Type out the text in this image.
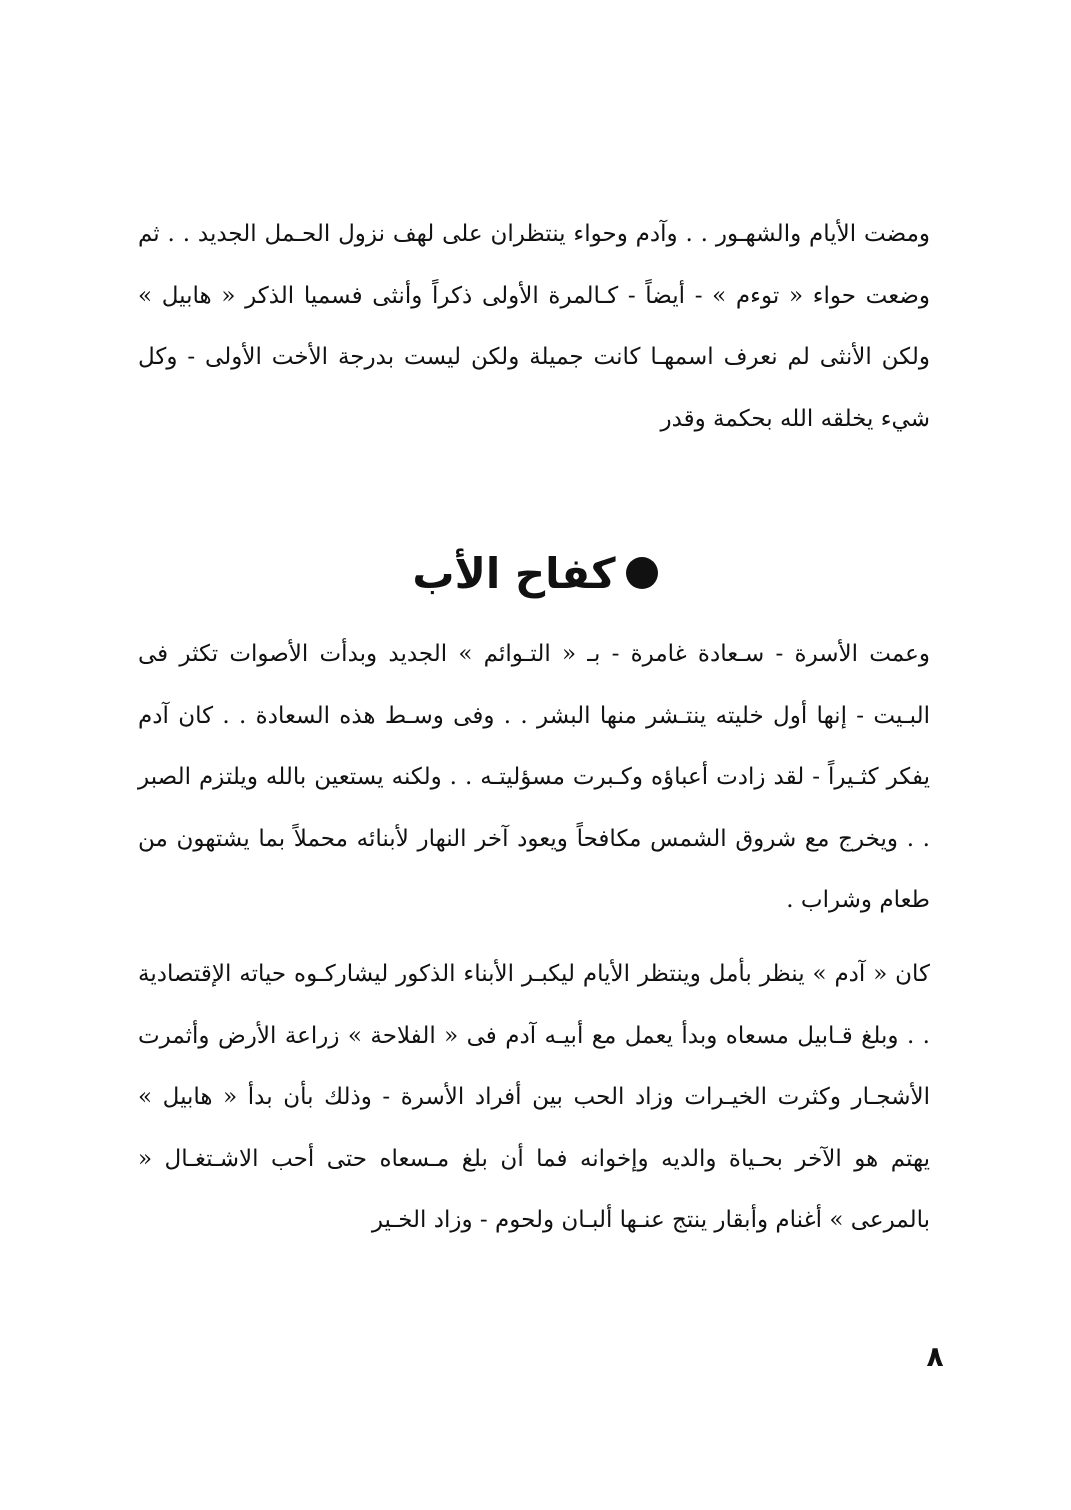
ومضت الأيام والشهـور . . وآدم وحواء ينتظران على لهف نزول الحـمل الجديد . . ثم وضعت حواء « توءم » - أيضاً - كـالمرة الأولى ذكراً وأنثى فسميا الذكر « هابيل » ولكن الأنثى لم نعرف اسمهـا كانت جميلة ولكن ليست بدرجة الأخت الأولى - وكل شيء يخلقه الله بحكمة وقدر

كفاح الأب

وعمت الأسرة - سـعادة غامرة - بـ « التـوائم » الجديد وبدأت الأصوات تكثر فى البـيت - إنها أول خليته ينتـشر منها البشر . . وفى وسـط هذه السعادة . . كان آدم يفكر كثـيراً - لقد زادت أعباؤه وكـبرت مسؤليتـه . . ولكنه يستعين بالله ويلتزم الصبر . . ويخرج مع شروق الشمس مكافحاً ويعود آخر النهار لأبنائه محملاً بما يشتهون من طعام وشراب .

كان « آدم » ينظر بأمل وينتظر الأيام ليكبـر الأبناء الذكور ليشاركـوه حياته الإقتصادية . . وبلغ قـابيل مسعاه وبدأ يعمل مع أبيـه آدم فى « الفلاحة » زراعة الأرض وأثمرت الأشجـار وكثرت الخيـرات وزاد الحب بين أفراد الأسرة - وذلك بأن بدأ « هابيل » يهتم هو الآخر بحـياة والديه وإخوانه فما أن بلغ مـسعاه حتى أحب الاشـتغـال « بالمرعى » أغنام وأبقار ينتج عنـها ألبـان ولحوم - وزاد الخـير

٨
